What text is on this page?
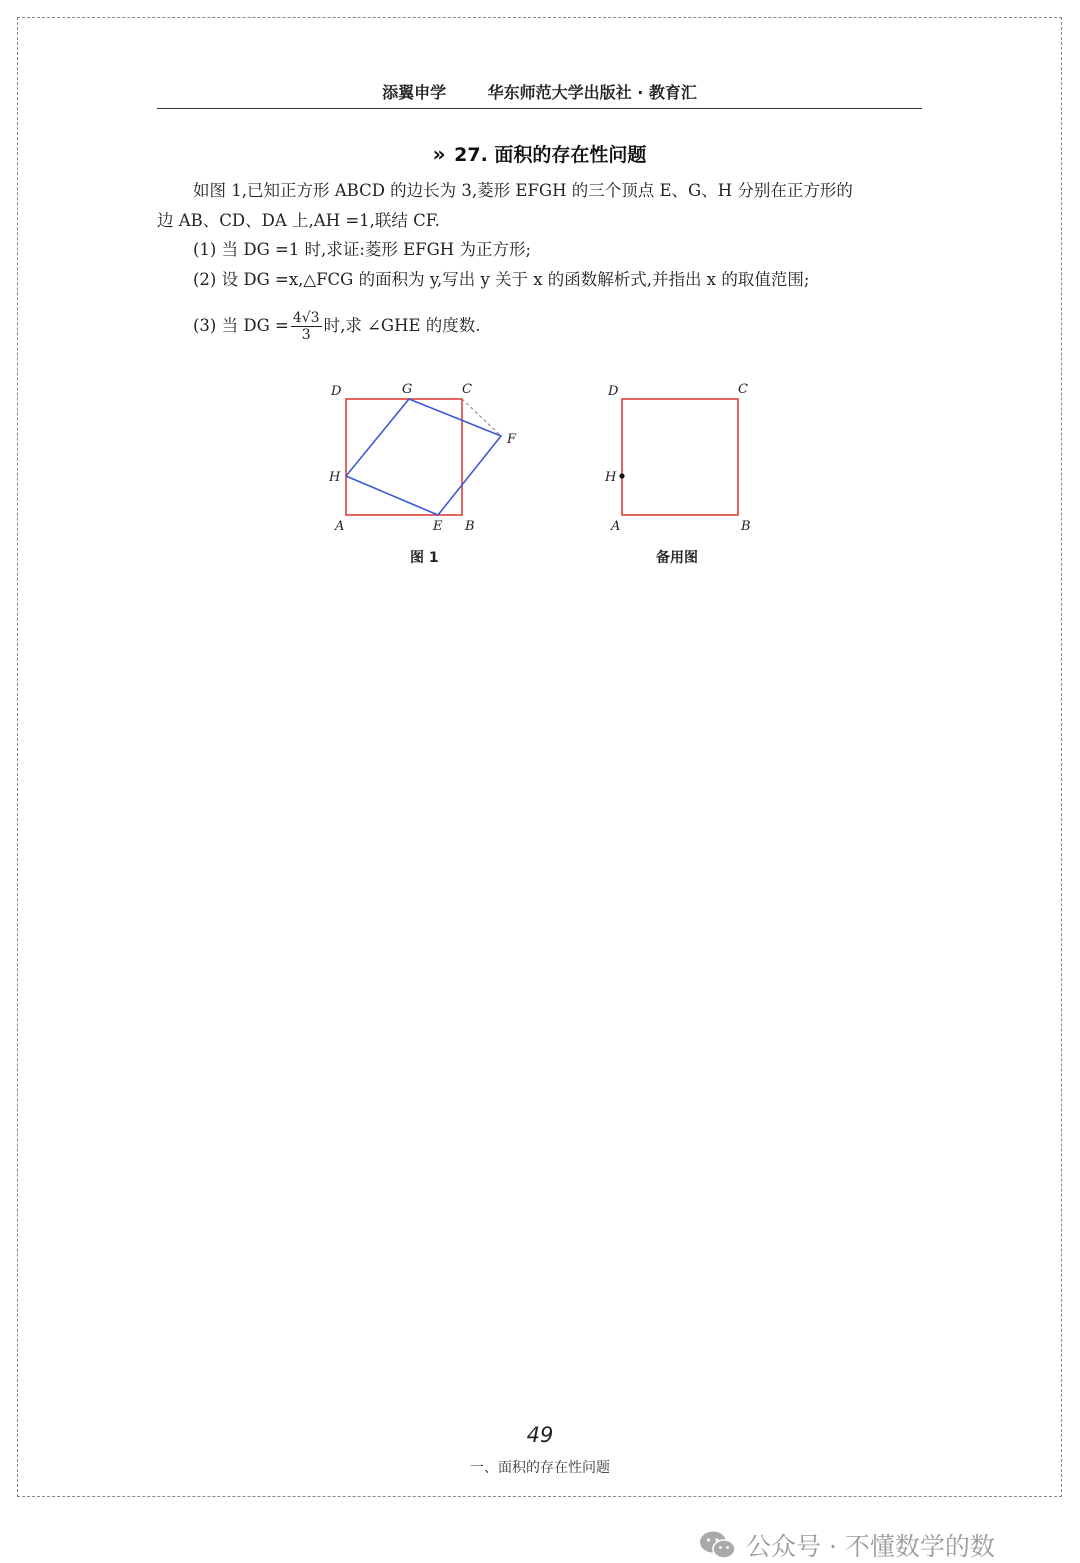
添翼申学	华东师范大学出版社 · 教育汇
» 27. 面积的存在性问题
如图 1,已知正方形 ABCD 的边长为 3,菱形 EFGH 的三个顶点 E、G、H 分别在正方形的
边 AB、CD、DA 上,AH =1,联结 CF.
(1) 当 DG =1 时,求证:菱形 EFGH 为正方形;
(2) 设 DG =x,△FCG 的面积为 y,写出 y 关于 x 的函数解析式,并指出 x 的取值范围;
(3) 当 DG = $\frac{4√3}{3}$ 时,求 ∠GHE 的度数.
D	G	C
F
H
A	E B
D	C
H
A	B
图 1	备用图
49
一、面积的存在性问题
公众号 · 不懂数学的数
